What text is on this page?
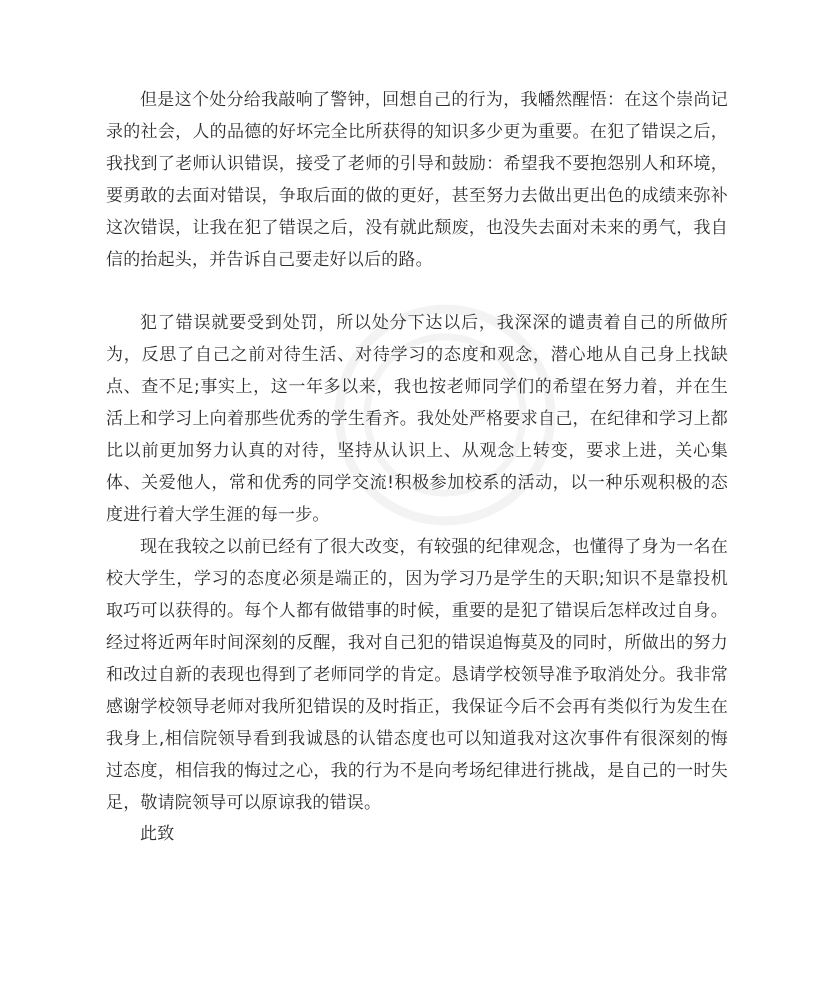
但是这个处分给我敲响了警钟，回想自己的行为，我幡然醒悟：在这个崇尚记录的社会，人的品德的好坏完全比所获得的知识多少更为重要。在犯了错误之后，我找到了老师认识错误，接受了老师的引导和鼓励：希望我不要抱怨别人和环境，要勇敢的去面对错误，争取后面的做的更好，甚至努力去做出更出色的成绩来弥补这次错误，让我在犯了错误之后，没有就此颓废，也没失去面对未来的勇气，我自信的抬起头，并告诉自己要走好以后的路。

犯了错误就要受到处罚，所以处分下达以后，我深深的谴责着自己的所做所为，反思了自己之前对待生活、对待学习的态度和观念，潜心地从自己身上找缺点、查不足;事实上，这一年多以来，我也按老师同学们的希望在努力着，并在生活上和学习上向着那些优秀的学生看齐。我处处严格要求自己，在纪律和学习上都比以前更加努力认真的对待，坚持从认识上、从观念上转变，要求上进，关心集体、关爱他人，常和优秀的同学交流!积极参加校系的活动，以一种乐观积极的态度进行着大学生涯的每一步。

现在我较之以前已经有了很大改变，有较强的纪律观念，也懂得了身为一名在校大学生，学习的态度必须是端正的，因为学习乃是学生的天职;知识不是靠投机取巧可以获得的。每个人都有做错事的时候，重要的是犯了错误后怎样改过自身。经过将近两年时间深刻的反醒，我对自己犯的错误追悔莫及的同时，所做出的努力和改过自新的表现也得到了老师同学的肯定。恳请学校领导准予取消处分。我非常感谢学校领导老师对我所犯错误的及时指正，我保证今后不会再有类似行为发生在我身上,相信院领导看到我诚恳的认错态度也可以知道我对这次事件有很深刻的悔过态度，相信我的悔过之心，我的行为不是向考场纪律进行挑战，是自己的一时失足，敬请院领导可以原谅我的错误。

此致
